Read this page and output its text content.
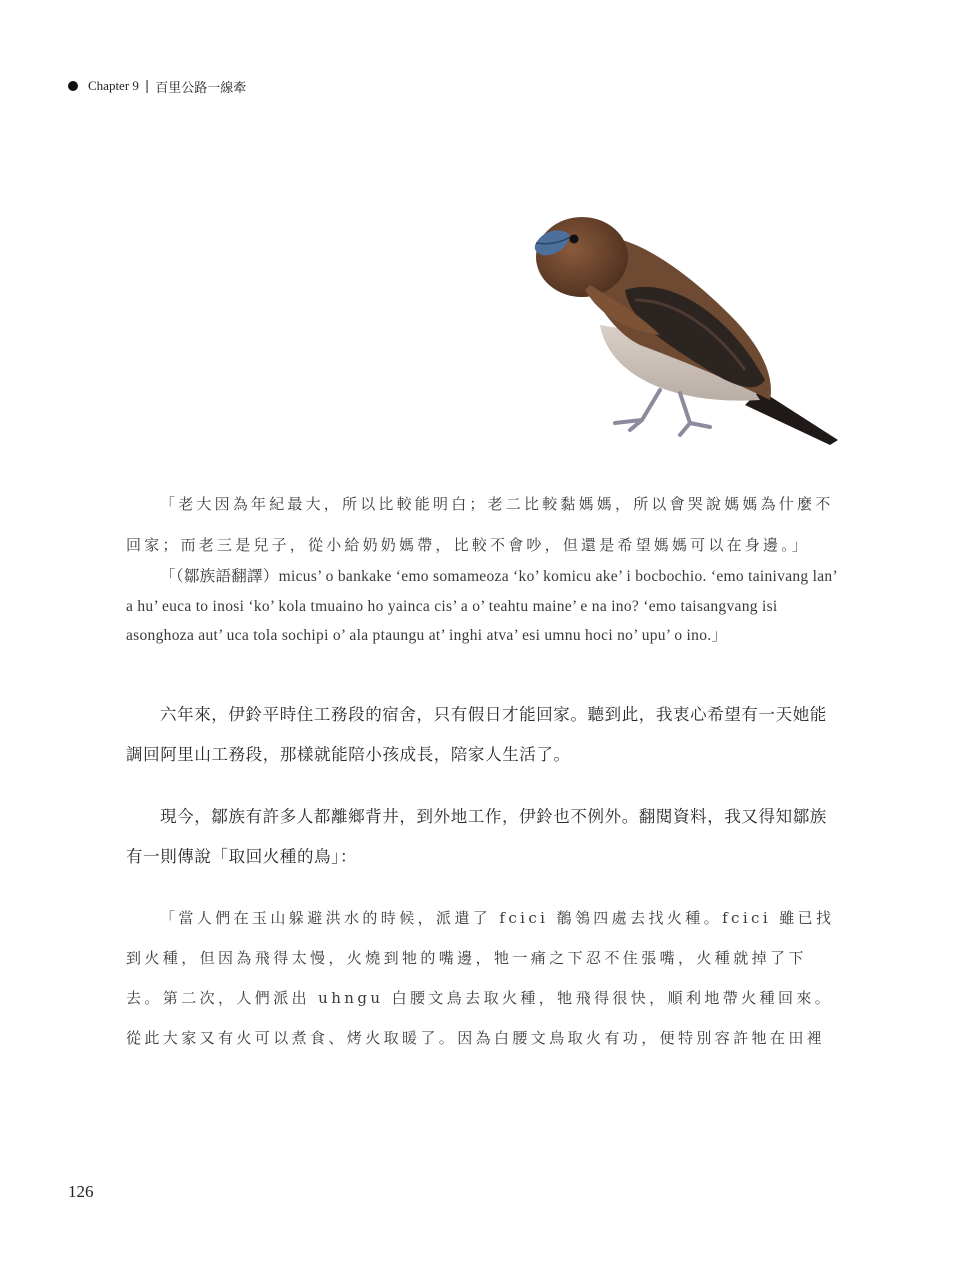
Chapter 9 | 百里公路一線牽
「老大因為年紀最大，所以比較能明白；老二比較黏媽媽，所以會哭說媽媽為什麼不回家；而老三是兒子，從小給奶奶媽帶，比較不會吵，但還是希望媽媽可以在身邊。」
「（鄒族語翻譯）micus’ o bankake ‘emo somameoza ‘ko’ komicu ake’ i bocbochio. ‘emo tainivang lan’ a hu’ euca to inosi ‘ko’ kola tmuaino ho yainca cis’ a o’ teahtu maine’ e na ino? ‘emo taisangvang isi asonghoza aut’ uca tola sochipi o’ ala ptaungu at’ inghi atva’ esi umnu hoci no’ upu’ o ino.」
六年來，伊鈴平時住工務段的宿舍，只有假日才能回家。聽到此，我衷心希望有一天她能調回阿里山工務段，那樣就能陪小孩成長，陪家人生活了。
現今，鄒族有許多人都離鄉背井，到外地工作，伊鈴也不例外。翻閱資料，我又得知鄒族有一則傳說「取回火種的鳥」：
「當人們在玉山躲避洪水的時候，派遣了 fcici 鶺鴒四處去找火種。fcici 雖已找到火種，但因為飛得太慢，火燒到牠的嘴邊，牠一痛之下忍不住張嘴，火種就掉了下去。第二次，人們派出 uhngu 白腰文鳥去取火種，牠飛得很快，順利地帶火種回來。從此大家又有火可以煮食、烤火取暖了。因為白腰文鳥取火有功，便特別容許牠在田裡
126
